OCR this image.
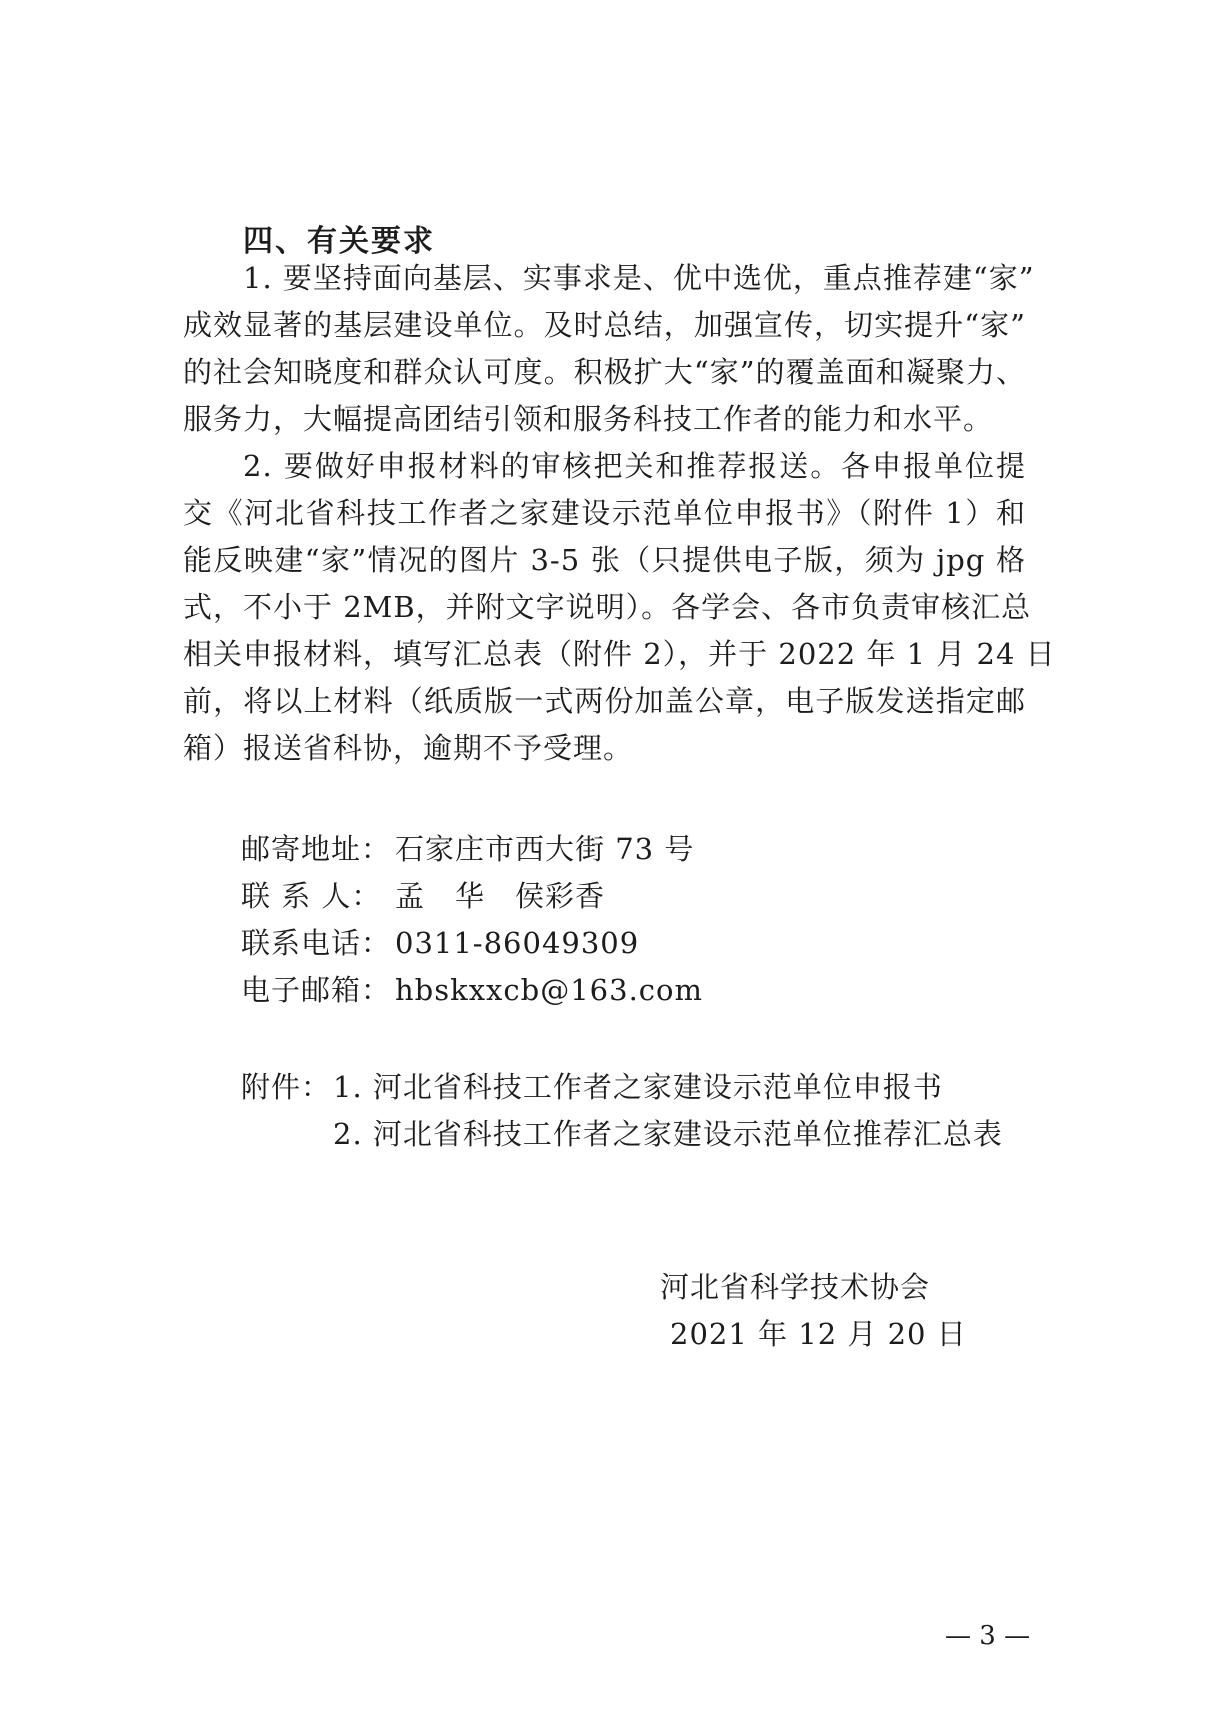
四、有关要求
1. 要坚持面向基层、实事求是、优中选优，重点推荐建“家”
成效显著的基层建设单位。及时总结，加强宣传，切实提升“家”
的社会知晓度和群众认可度。积极扩大“家”的覆盖面和凝聚力、
服务力，大幅提高团结引领和服务科技工作者的能力和水平。
2. 要做好申报材料的审核把关和推荐报送。各申报单位提
交《河北省科技工作者之家建设示范单位申报书》（附件 1）和
能反映建“家”情况的图片 3-5 张（只提供电子版，须为 jpg 格
式，不小于 2MB，并附文字说明）。各学会、各市负责审核汇总
相关申报材料，填写汇总表（附件 2），并于 2022 年 1 月 24 日
前，将以上材料（纸质版一式两份加盖公章，电子版发送指定邮
箱）报送省科协，逾期不予受理。
邮寄地址： 石家庄市西大街 73 号
联 系 人： 孟　华　侯彩香
联系电话： 0311-86049309
电子邮箱： hbskxxcb@163.com
附件： 1. 河北省科技工作者之家建设示范单位申报书
2. 河北省科技工作者之家建设示范单位推荐汇总表
河北省科学技术协会
2021 年 12 月 20 日
— 3 —
